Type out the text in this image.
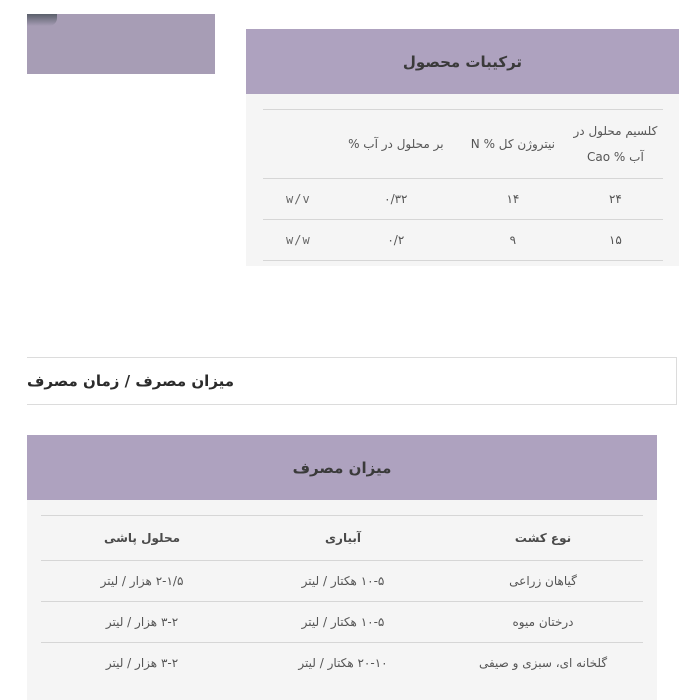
ترکیبات محصول
کلسیم محلول در آب % Cao	نیتروژن کل % N	بر محلول در آب %	
۲۴	۱۴	۰/۳۲	w/v
۱۵	۹	۰/۲	w/w
میزان مصرف / زمان مصرف
میزان مصرف
نوع کشت	آبیاری	محلول پاشی
گیاهان زراعی	۱۰-۵ هکتار / لیتر	۲-۱/۵ هزار / لیتر
درختان میوه	۱۰-۵ هکتار / لیتر	۳-۲ هزار / لیتر
گلخانه ای، سبزی و صیفی	۲۰-۱۰ هکتار / لیتر	۳-۲ هزار / لیتر
